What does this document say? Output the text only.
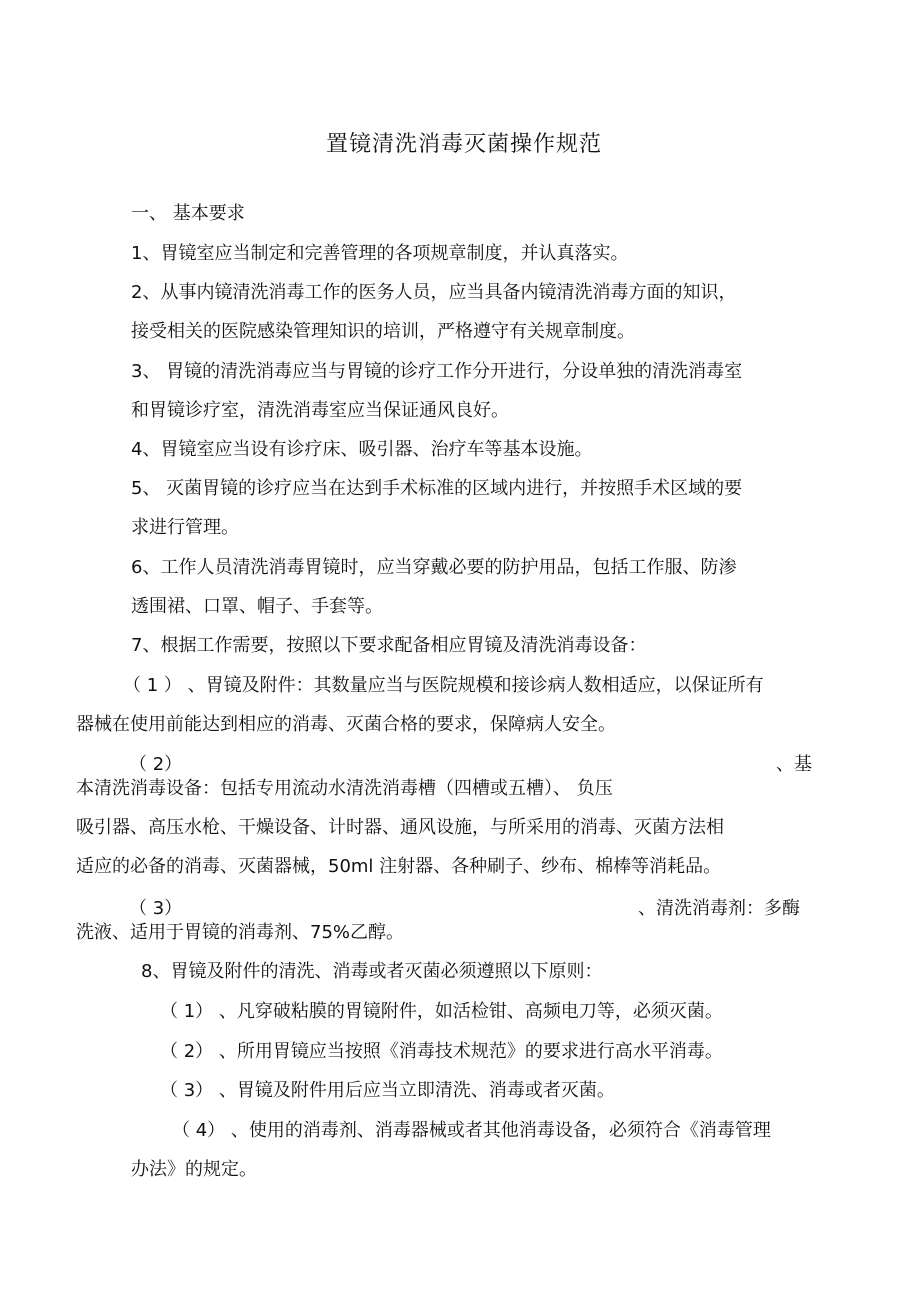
置镜清洗消毒灭菌操作规范
一、 基本要求
1、胃镜室应当制定和完善管理的各项规章制度，并认真落实。
2、从事内镜清洗消毒工作的医务人员，应当具备内镜清洗消毒方面的知识，
接受相关的医院感染管理知识的培训，严格遵守有关规章制度。
3、 胃镜的清洗消毒应当与胃镜的诊疗工作分开进行，分设单独的清洗消毒室
和胃镜诊疗室，清洗消毒室应当保证通风良好。
4、胃镜室应当设有诊疗床、吸引器、治疗车等基本设施。
5、 灭菌胃镜的诊疗应当在达到手术标准的区域内进行，并按照手术区域的要
求进行管理。
6、工作人员清洗消毒胃镜时，应当穿戴必要的防护用品，包括工作服、防渗
透围裙、口罩、帽子、手套等。
7、根据工作需要，按照以下要求配备相应胃镜及清洗消毒设备：
（ 1 ） 、胃镜及附件：其数量应当与医院规模和接诊病人数相适应，以保证所有
器械在使用前能达到相应的消毒、灭菌合格的要求，保障病人安全。
（ 2）	、基
本清洗消毒设备：包括专用流动水清洗消毒槽（四槽或五槽）、 负压
吸引器、高压水枪、干燥设备、计时器、通风设施，与所采用的消毒、灭菌方法相
适应的必备的消毒、灭菌器械，50ml 注射器、各种刷子、纱布、棉棒等消耗品。
（ 3）	、清洗消毒剂：多酶
洗液、适用于胃镜的消毒剂、75%乙醇。
8、胃镜及附件的清洗、消毒或者灭菌必须遵照以下原则：
（ 1） 、凡穿破粘膜的胃镜附件，如活检钳、高频电刀等，必须灭菌。
（ 2） 、所用胃镜应当按照《消毒技术规范》的要求进行高水平消毒。
（ 3） 、胃镜及附件用后应当立即清洗、消毒或者灭菌。
（ 4） 、使用的消毒剂、消毒器械或者其他消毒设备，必须符合《消毒管理
办法》的规定。
